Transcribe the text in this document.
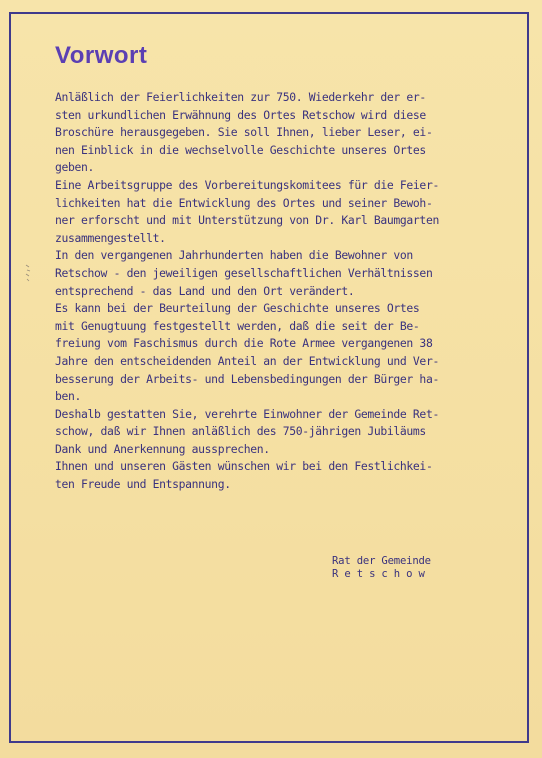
Vorwort
Anläßlich der Feierlichkeiten zur 750. Wiederkehr der er-
sten urkundlichen Erwähnung des Ortes Retschow wird diese
Broschüre herausgegeben. Sie soll Ihnen, lieber Leser, ei-
nen Einblick in die wechselvolle Geschichte unseres Ortes
geben.
Eine Arbeitsgruppe des Vorbereitungskomitees für die Feier-
lichkeiten hat die Entwicklung des Ortes und seiner Bewoh-
ner erforscht und mit Unterstützung von Dr. Karl Baumgarten
zusammengestellt.
In den vergangenen Jahrhunderten haben die Bewohner von
Retschow - den jeweiligen gesellschaftlichen Verhältnissen
entsprechend - das Land und den Ort verändert.
Es kann bei der Beurteilung der Geschichte unseres Ortes
mit Genugtuung festgestellt werden, daß die seit der Be-
freiung vom Faschismus durch die Rote Armee vergangenen 38
Jahre den entscheidenden Anteil an der Entwicklung und Ver-
besserung der Arbeits- und Lebensbedingungen der Bürger ha-
ben.
Deshalb gestatten Sie, verehrte Einwohner der Gemeinde Ret-
schow, daß wir Ihnen anläßlich des 750-jährigen Jubiläums
Dank und Anerkennung aussprechen.
Ihnen und unseren Gästen wünschen wir bei den Festlichkei-
ten Freude und Entspannung.
Rat der Gemeinde
R e t s c h o w
